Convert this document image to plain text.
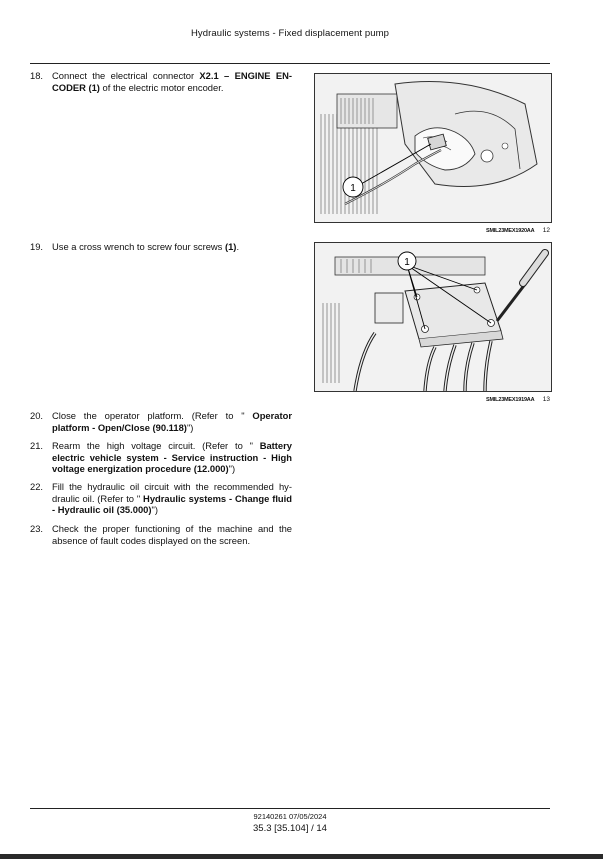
Hydraulic systems - Fixed displacement pump
18. Connect the electrical connector X2.1 – ENGINE EN-CODER (1) of the electric motor encoder.
1
SMIL23MEX1920AA 12
19. Use a cross wrench to screw four screws (1).
1
SMIL23MEX1919AA 13
20. Close the operator platform. (Refer to " Operator platform - Open/Close (90.118)")
21. Rearm the high voltage circuit. (Refer to " Battery electric vehicle system - Service instruction - High voltage energization procedure (12.000)")
22. Fill the hydraulic oil circuit with the recommended hy-draulic oil. (Refer to " Hydraulic systems - Change fluid - Hydraulic oil (35.000)")
23. Check the proper functioning of the machine and the absence of fault codes displayed on the screen.
92140261 07/05/2024
35.3 [35.104] / 14
